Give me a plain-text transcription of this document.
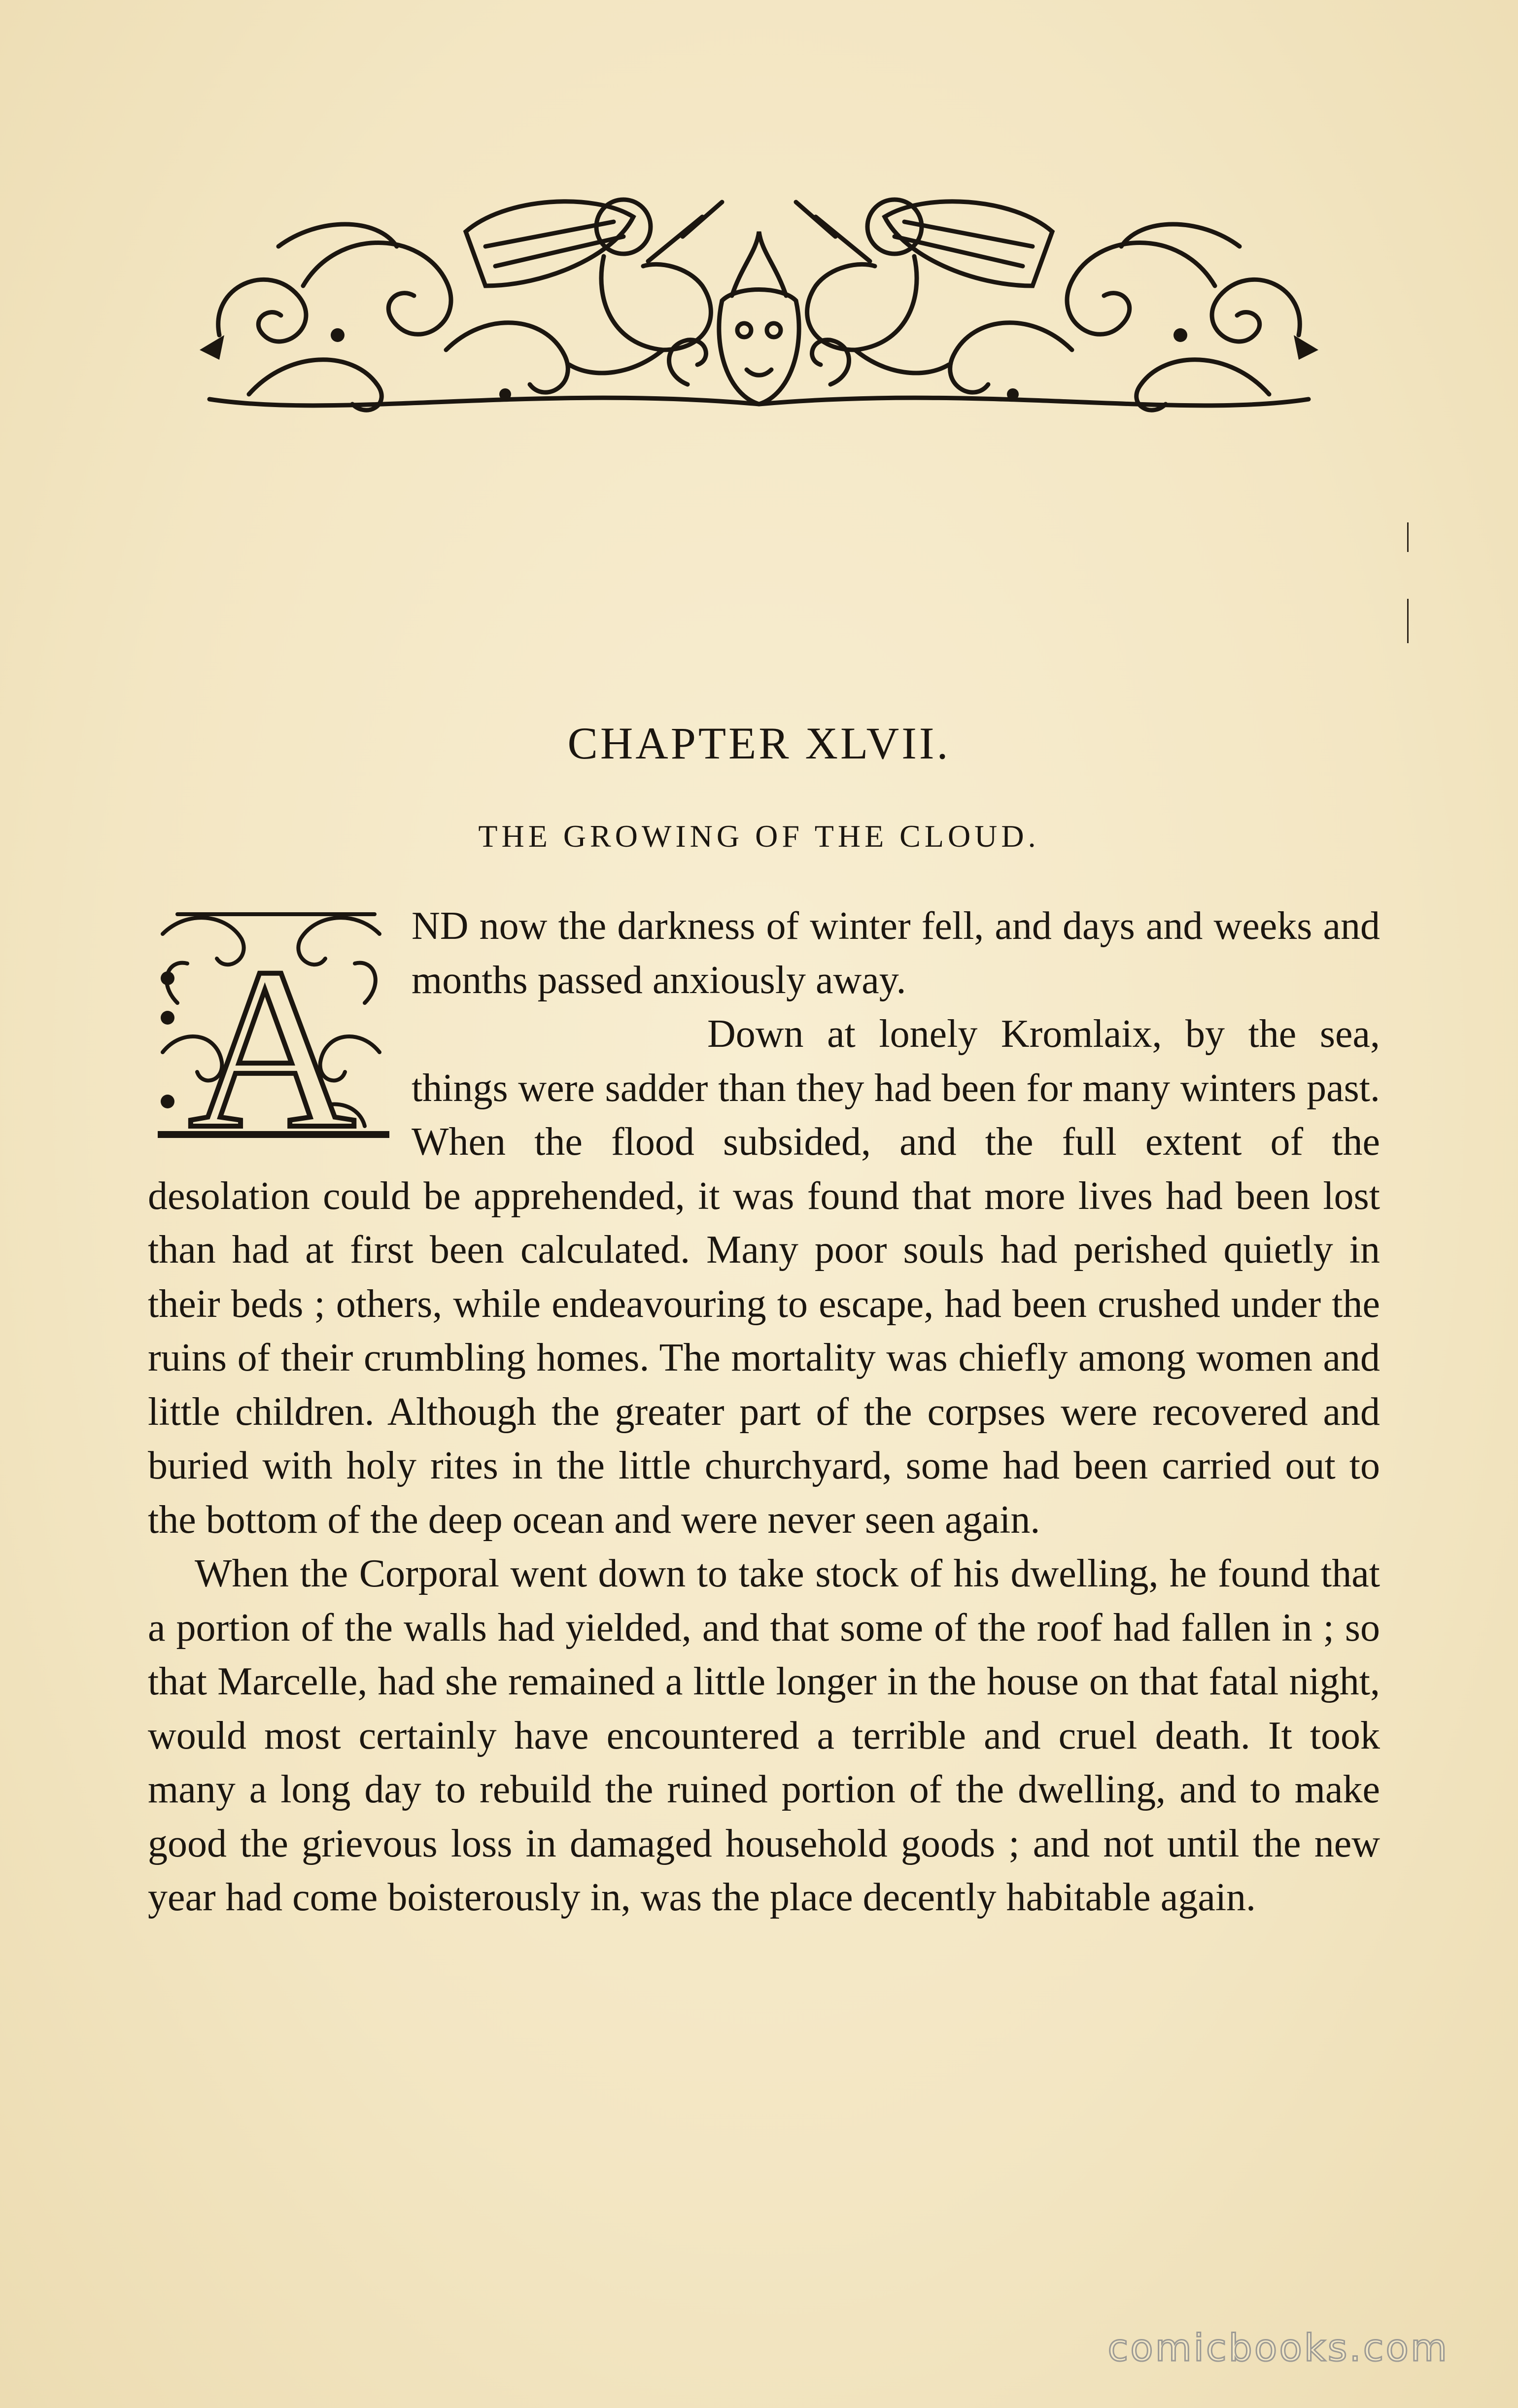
CHAPTER XLVII.
THE GROWING OF THE CLOUD.
A	ND now the darkness of winter fell, and days and weeks and months passed anxiously away.

Down at lonely Kromlaix, by the sea, things were sadder than they had been for many winters past. When the flood subsided, and the full extent of the desolation could be apprehended, it was found that more lives had been lost than had at first been calculated. Many poor souls had perished quietly in their beds ; others, while endeavouring to escape, had been crushed under the ruins of their crumbling homes. The mortality was chiefly among women and little children. Although the greater part of the corpses were recovered and buried with holy rites in the little churchyard, some had been carried out to the bottom of the deep ocean and were never seen again.

When the Corporal went down to take stock of his dwelling, he found that a portion of the walls had yielded, and that some of the roof had fallen in ; so that Marcelle, had she remained a little longer in the house on that fatal night, would most certainly have encountered a terrible and cruel death. It took many a long day to rebuild the ruined portion of the dwelling, and to make good the grievous loss in damaged household goods ; and not until the new year had come boisterously in, was the place decently habitable again.

comicbooks.com
